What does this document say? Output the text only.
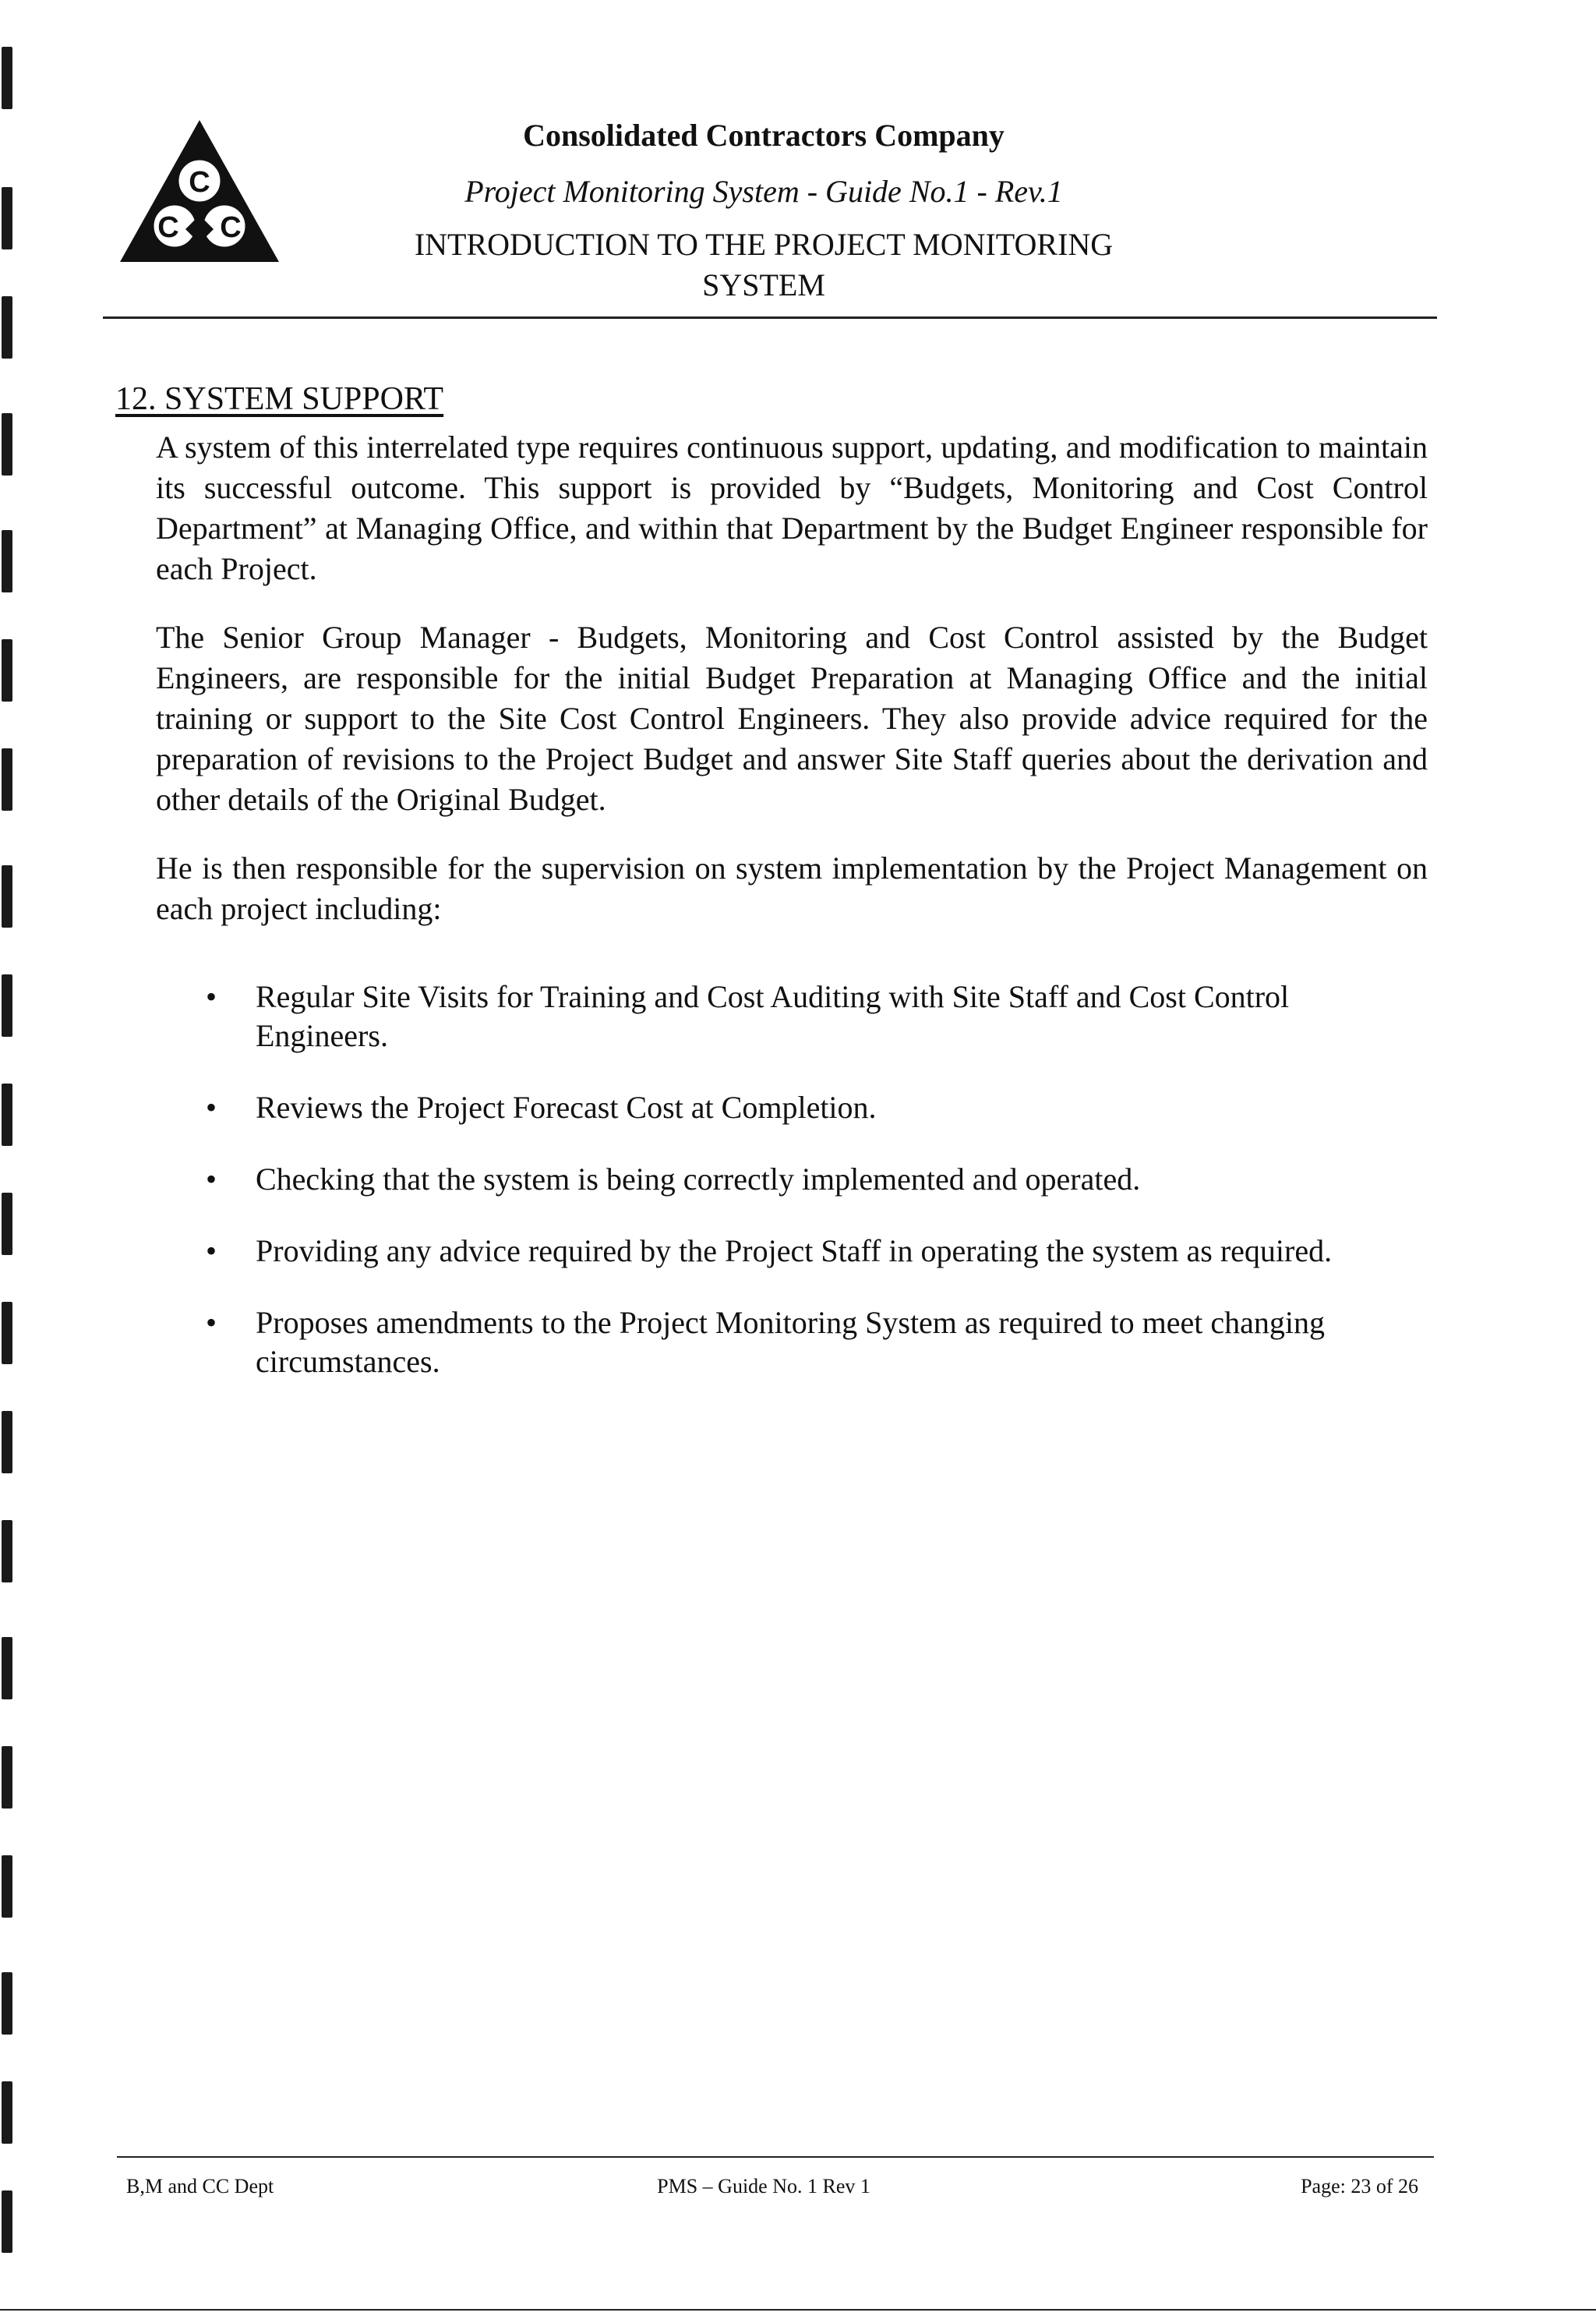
C
C C
Consolidated Contractors Company
Project Monitoring System - Guide No.1 - Rev.1
INTRODUCTION TO THE PROJECT MONITORING
SYSTEM
12. SYSTEM SUPPORT

A system of this interrelated type requires continuous support, updating, and modification to maintain its successful outcome. This support is provided by “Budgets, Monitoring and Cost Control Department” at Managing Office, and within that Department by the Budget Engineer responsible for each Project.

The Senior Group Manager - Budgets, Monitoring and Cost Control assisted by the Budget Engineers, are responsible for the initial Budget Preparation at Managing Office and the initial training or support to the Site Cost Control Engineers. They also provide advice required for the preparation of revisions to the Project Budget and answer Site Staff queries about the derivation and other details of the Original Budget.

He is then responsible for the supervision on system implementation by the Project Management on each project including:

• Regular Site Visits for Training and Cost Auditing with Site Staff and Cost Control Engineers.
• Reviews the Project Forecast Cost at Completion.
• Checking that the system is being correctly implemented and operated.
• Providing any advice required by the Project Staff in operating the system as required.
• Proposes amendments to the Project Monitoring System as required to meet changing circumstances.
B,M and CC Dept	PMS – Guide No. 1 Rev 1	Page: 23 of 26
